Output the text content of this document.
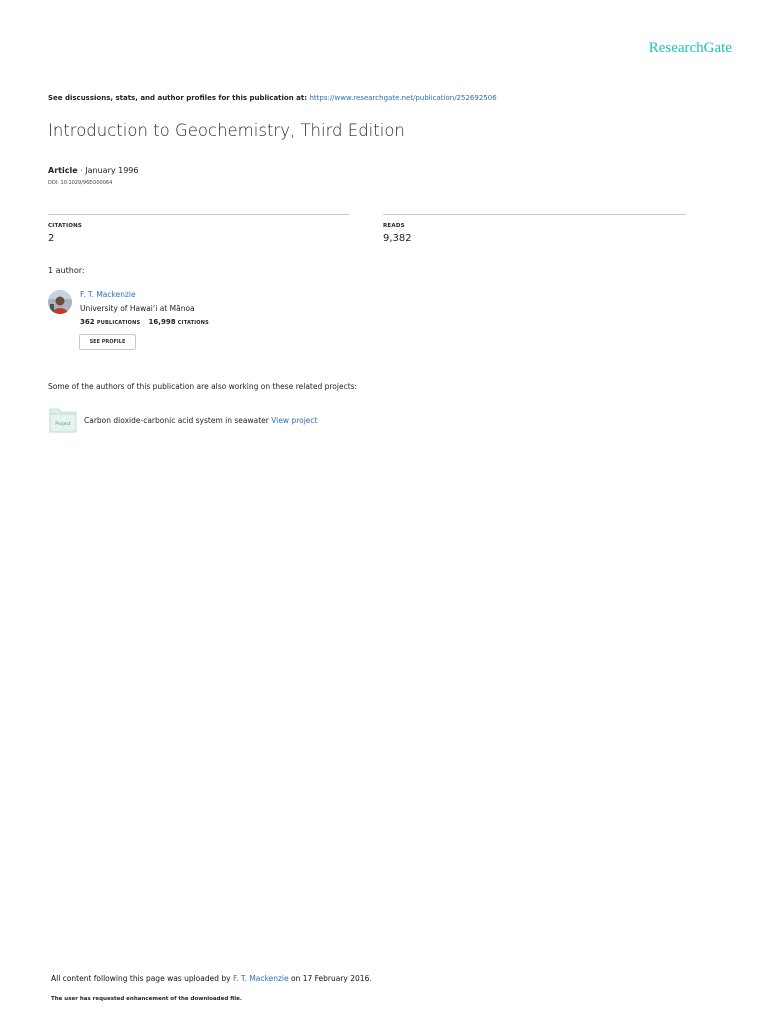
ResearchGate
See discussions, stats, and author profiles for this publication at: https://www.researchgate.net/publication/252692506
Introduction to Geochemistry, Third Edition
Article · January 1996
DOI: 10.1029/96EO00064
CITATIONS
2
READS
9,382
1 author:
F. T. Mackenzie
University of Hawaiʻi at Mānoa
362 PUBLICATIONS 16,998 CITATIONS
SEE PROFILE
Some of the authors of this publication are also working on these related projects:
Project Carbon dioxide-carbonic acid system in seawater View project
All content following this page was uploaded by F. T. Mackenzie on 17 February 2016.
The user has requested enhancement of the downloaded file.
